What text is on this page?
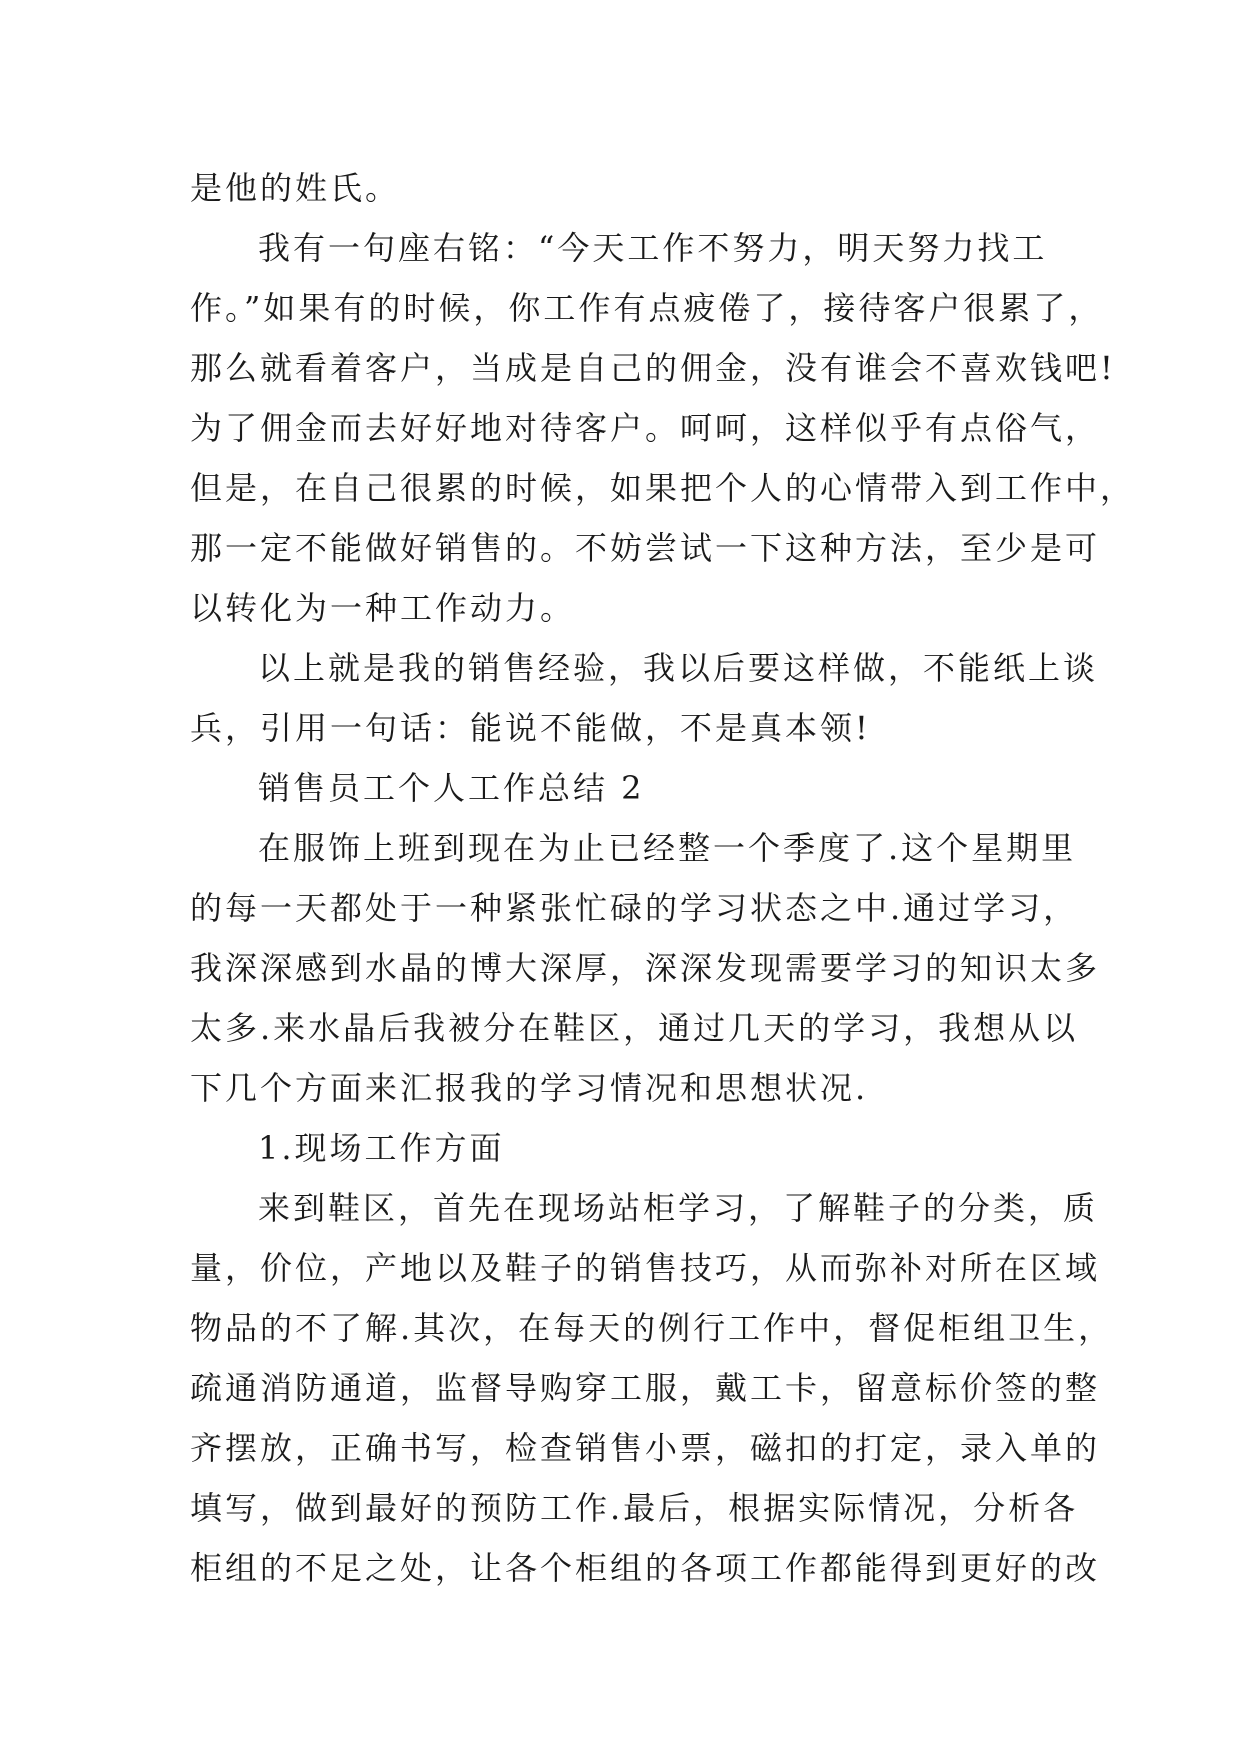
是他的姓氏。
我有一句座右铭：“今天工作不努力，明天努力找工
作。”如果有的时候，你工作有点疲倦了，接待客户很累了，
那么就看着客户，当成是自己的佣金，没有谁会不喜欢钱吧!
为了佣金而去好好地对待客户。呵呵，这样似乎有点俗气，
但是，在自己很累的时候，如果把个人的心情带入到工作中，
那一定不能做好销售的。不妨尝试一下这种方法，至少是可
以转化为一种工作动力。
以上就是我的销售经验，我以后要这样做，不能纸上谈
兵，引用一句话：能说不能做，不是真本领!
销售员工个人工作总结 2
在服饰上班到现在为止已经整一个季度了.这个星期里
的每一天都处于一种紧张忙碌的学习状态之中.通过学习，
我深深感到水晶的博大深厚，深深发现需要学习的知识太多
太多.来水晶后我被分在鞋区，通过几天的学习，我想从以
下几个方面来汇报我的学习情况和思想状况.
1.现场工作方面
来到鞋区，首先在现场站柜学习，了解鞋子的分类，质
量，价位，产地以及鞋子的销售技巧，从而弥补对所在区域
物品的不了解.其次，在每天的例行工作中，督促柜组卫生，
疏通消防通道，监督导购穿工服，戴工卡，留意标价签的整
齐摆放，正确书写，检查销售小票，磁扣的打定，录入单的
填写，做到最好的预防工作.最后，根据实际情况，分析各
柜组的不足之处，让各个柜组的各项工作都能得到更好的改
